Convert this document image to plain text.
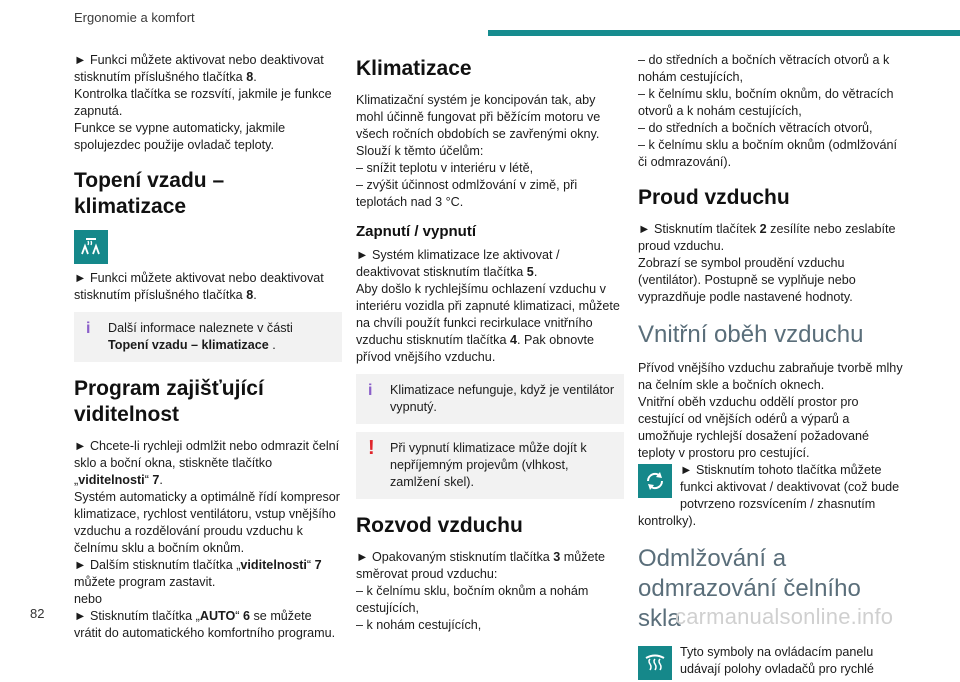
Ergonomie a komfort

► Funkci můžete aktivovat nebo deaktivovat stisknutím příslušného tlačítka 8.

Kontrolka tlačítka se rozsvítí, jakmile je funkce zapnutá.

Funkce se vypne automaticky, jakmile spolujezdec použije ovladač teploty.

Topení vzadu – klimatizace

► Funkci můžete aktivovat nebo deaktivovat stisknutím příslušného tlačítka 8.

i Další informace naleznete v části Topení vzadu – klimatizace .
Program zajišťující viditelnost

► Chcete-li rychleji odmlžit nebo odmrazit čelní sklo a boční okna, stiskněte tlačítko „viditelnosti“ 7.

Systém automaticky a optimálně řídí kompresor klimatizace, rychlost ventilátoru, vstup vnějšího vzduchu a rozdělování proudu vzduchu k čelnímu sklu a bočním oknům.

► Dalším stisknutím tlačítka „viditelnosti“ 7 můžete program zastavit.

nebo

► Stisknutím tlačítka „AUTO“ 6 se můžete vrátit do automatického komfortního programu.

Klimatizace

Klimatizační systém je koncipován tak, aby mohl účinně fungovat při běžícím motoru ve všech ročních obdobích se zavřenými okny.

Slouží k těmto účelům:

– snížit teplotu v interiéru v létě,

– zvýšit účinnost odmlžování v zimě, při teplotách nad 3 °C.

Zapnutí / vypnutí

► Systém klimatizace lze aktivovat / deaktivovat stisknutím tlačítka 5.

Aby došlo k rychlejšímu ochlazení vzduchu v interiéru vozidla při zapnuté klimatizaci, můžete na chvíli použít funkci recirkulace vnitřního vzduchu stisknutím tlačítka 4. Pak obnovte přívod vnějšího vzduchu.

i Klimatizace nefunguje, když je ventilátor vypnutý.
! Při vypnutí klimatizace může dojít k nepříjemným projevům (vlhkost, zamlžení skel).
Rozvod vzduchu

► Opakovaným stisknutím tlačítka 3 můžete směrovat proud vzduchu:

– k čelnímu sklu, bočním oknům a nohám cestujících,

– k nohám cestujících,

– do středních a bočních větracích otvorů a k nohám cestujících,

– k čelnímu sklu, bočním oknům, do větracích otvorů a k nohám cestujících,

– do středních a bočních větracích otvorů,

– k čelnímu sklu a bočním oknům (odmlžování či odmrazování).

Proud vzduchu

► Stisknutím tlačítek 2 zesílíte nebo zeslabíte proud vzduchu.

Zobrazí se symbol proudění vzduchu (ventilátor). Postupně se vyplňuje nebo vyprazdňuje podle nastavené hodnoty.

Vnitřní oběh vzduchu

Přívod vnějšího vzduchu zabraňuje tvorbě mlhy na čelním skle a bočních oknech.

Vnitřní oběh vzduchu oddělí prostor pro cestující od vnějších odérů a výparů a umožňuje rychlejší dosažení požadované teploty v prostoru pro cestující.

► Stisknutím tohoto tlačítka můžete funkci aktivovat / deaktivovat (což bude potvrzeno rozsvícením / zhasnutím kontrolky).
Odmlžování a odmrazování čelního skla
Tyto symboly na ovládacím panelu udávají polohy ovladačů pro rychlé
82	carmanualsonline.info
